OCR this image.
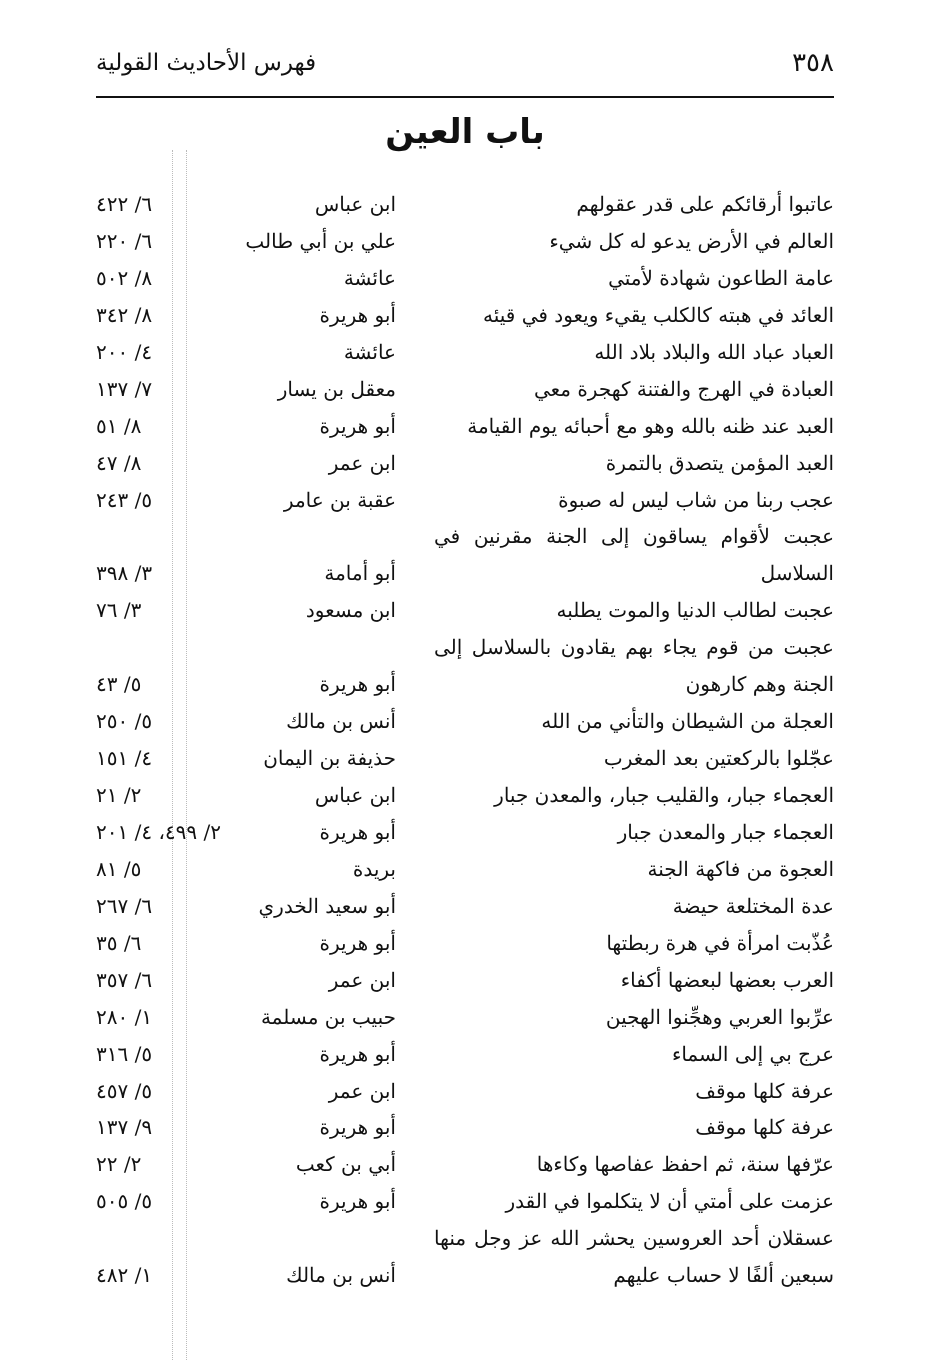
٣٥٨
فهرس الأحاديث القولية
باب العين
عاتبوا أرقائكم على قدر عقولهم
ابن عباس
٦/ ٤٢٢
العالم في الأرض يدعو له كل شيء
علي بن أبي طالب
٦/ ٢٢٠
عامة الطاعون شهادة لأمتي
عائشة
٨/ ٥٠٢
العائد في هبته كالكلب يقيء ويعود في قيئه
أبو هريرة
٨/ ٣٤٢
العباد عباد الله والبلاد بلاد الله
عائشة
٤/ ٢٠٠
العبادة في الهرج والفتنة كهجرة معي
معقل بن يسار
٧/ ١٣٧
العبد عند ظنه بالله وهو مع أحبائه يوم القيامة
أبو هريرة
٨/ ٥١
العبد المؤمن يتصدق بالتمرة
ابن عمر
٨/ ٤٧
عجب ربنا من شاب ليس له صبوة
عقبة بن عامر
٥/ ٢٤٣
عجبت لأقوام يساقون إلى الجنة مقرنين في
السلاسل
أبو أمامة
٣/ ٣٩٨
عجبت لطالب الدنيا والموت يطلبه
ابن مسعود
٣/ ٧٦
عجبت من قوم يجاء بهم يقادون بالسلاسل إلى
الجنة وهم كارهون
أبو هريرة
٥/ ٤٣
العجلة من الشيطان والتأني من الله
أنس بن مالك
٥/ ٢٥٠
عجّلوا بالركعتين بعد المغرب
حذيفة بن اليمان
٤/ ١٥١
العجماء جبار، والقليب جبار، والمعدن جبار
ابن عباس
٢/ ٢١
العجماء جبار والمعدن جبار
أبو هريرة
٢/ ٤٩٩، ٤/ ٢٠١
العجوة من فاكهة الجنة
بريدة
٥/ ٨١
عدة المختلعة حيضة
أبو سعيد الخدري
٦/ ٢٦٧
عُذّبت امرأة في هرة ربطتها
أبو هريرة
٦/ ٣٥
العرب بعضها لبعضها أكفاء
ابن عمر
٦/ ٣٥٧
عرِّبوا العربي وهجِّنوا الهجين
حبيب بن مسلمة
١/ ٢٨٠
عرج بي إلى السماء
أبو هريرة
٥/ ٣١٦
عرفة كلها موقف
ابن عمر
٥/ ٤٥٧
عرفة كلها موقف
أبو هريرة
٩/ ١٣٧
عرّفها سنة، ثم احفظ عفاصها وكاءها
أبي بن كعب
٢/ ٢٢
عزمت على أمتي أن لا يتكلموا في القدر
أبو هريرة
٥/ ٥٠٥
عسقلان أحد العروسين يحشر الله عز وجل منها
سبعين ألفًا لا حساب عليهم
أنس بن مالك
١/ ٤٨٢
